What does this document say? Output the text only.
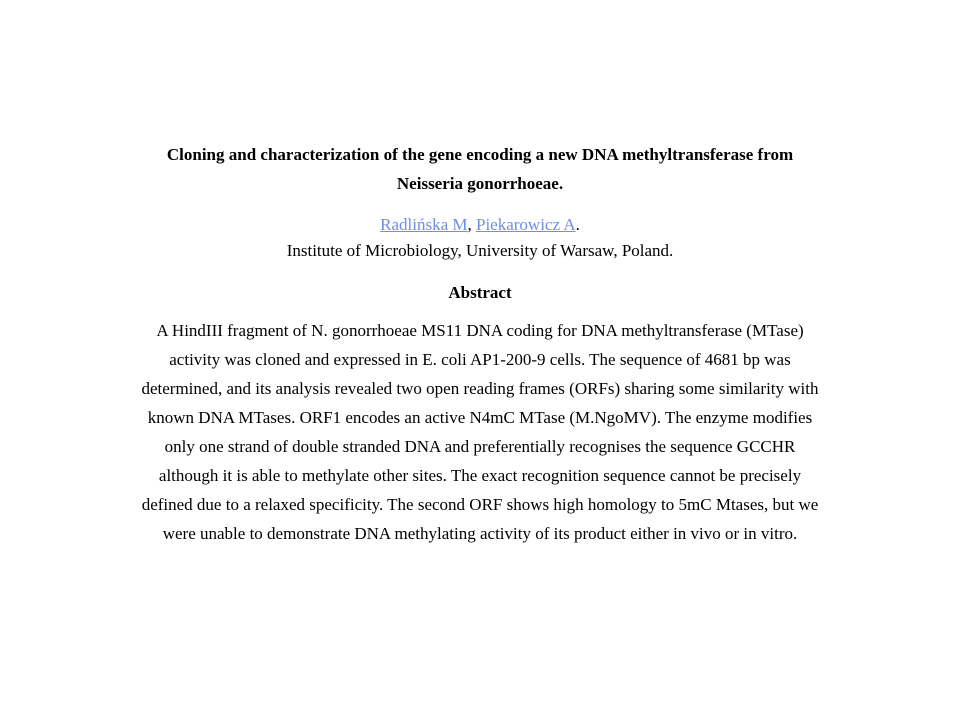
Cloning and characterization of the gene encoding a new DNA methyltransferase from
Neisseria gonorrhoeae.
Radlińska M, Piekarowicz A.
Institute of Microbiology, University of Warsaw, Poland.
Abstract
A HindIII fragment of N. gonorrhoeae MS11 DNA coding for DNA methyltransferase (MTase)
activity was cloned and expressed in E. coli AP1-200-9 cells. The sequence of 4681 bp was
determined, and its analysis revealed two open reading frames (ORFs) sharing some similarity with
known DNA MTases. ORF1 encodes an active N4mC MTase (M.NgoMV). The enzyme modifies
only one strand of double stranded DNA and preferentially recognises the sequence GCCHR
although it is able to methylate other sites. The exact recognition sequence cannot be precisely
defined due to a relaxed specificity. The second ORF shows high homology to 5mC Mtases, but we
were unable to demonstrate DNA methylating activity of its product either in vivo or in vitro.
